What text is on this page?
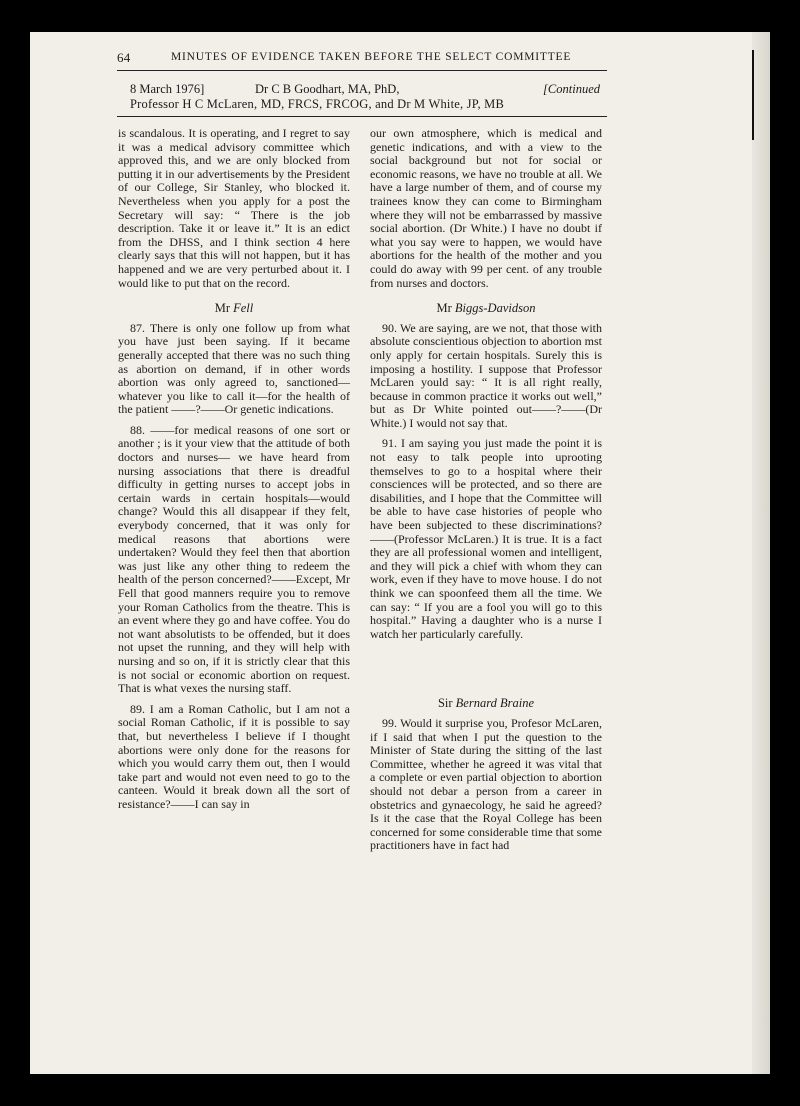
64	MINUTES OF EVIDENCE TAKEN BEFORE THE SELECT COMMITTEE
8 March 1976]	Dr C B Goodhart, MA, PhD,	[Continued
Professor H C McLaren, MD, FRCS, FRCOG, and Dr M White, JP, MB

is scandalous. It is operating, and I regret to say it was a medical advisory committee which approved this, and we are only blocked from putting it in our advertisements by the President of our College, Sir Stanley, who blocked it. Nevertheless when you apply for a post the Secretary will say: “ There is the job description. Take it or leave it.” It is an edict from the DHSS, and I think section 4 here clearly says that this will not happen, but it has happened and we are very perturbed about it. I would like to put that on the record.

Mr Fell

87. There is only one follow up from what you have just been saying. If it became generally accepted that there was no such thing as abortion on demand, if in other words abortion was only agreed to, sanctioned—whatever you like to call it—for the health of the patient ——?——Or genetic indications.

88. ——for medical reasons of one sort or another ; is it your view that the attitude of both doctors and nurses— we have heard from nursing associations that there is dreadful difficulty in getting nurses to accept jobs in certain wards in certain hospitals—would change? Would this all disappear if they felt, everybody concerned, that it was only for medical reasons that abortions were undertaken? Would they feel then that abortion was just like any other thing to redeem the health of the person concerned?——Except, Mr Fell that good manners require you to remove your Roman Catholics from the theatre. This is an event where they go and have coffee. You do not want absolutists to be offended, but it does not upset the running, and they will help with nursing and so on, if it is strictly clear that this is not social or economic abortion on request. That is what vexes the nursing staff.

89. I am a Roman Catholic, but I am not a social Roman Catholic, if it is possible to say that, but nevertheless I believe if I thought abortions were only done for the reasons for which you would carry them out, then I would take part and would not even need to go to the canteen. Would it break down all the sort of resistance?——I can say in

our own atmosphere, which is medical and genetic indications, and with a view to the social background but not for social or economic reasons, we have no trouble at all. We have a large number of them, and of course my trainees know they can come to Birmingham where they will not be embarrassed by massive social abortion. (Dr White.) I have no doubt if what you say were to happen, we would have abortions for the health of the mother and you could do away with 99 per cent. of any trouble from nurses and doctors.

Mr Biggs-Davidson

90. We are saying, are we not, that those with absolute conscientious objection to abortion mst only apply for certain hospitals. Surely this is imposing a hostility. I suppose that Professor McLaren yould say: “ It is all right really, because in common practice it works out well,” but as Dr White pointed out——?——(Dr White.) I would not say that.

91. I am saying you just made the point it is not easy to talk people into uprooting themselves to go to a hospital where their consciences will be protected, and so there are disabilities, and I hope that the Committee will be able to have case histories of people who have been subjected to these discriminations?——(Professor McLaren.) It is true. It is a fact they are all professional women and intelligent, and they will pick a chief with whom they can work, even if they have to move house. I do not think we can spoonfeed them all the time. We can say: “ If you are a fool you will go to this hospital.” Having a daughter who is a nurse I watch her particularly carefully.

Sir Bernard Braine

99. Would it surprise you, Profesor McLaren, if I said that when I put the question to the Minister of State during the sitting of the last Committee, whether he agreed it was vital that a complete or even partial objection to abortion should not debar a person from a career in obstetrics and gynaecology, he said he agreed? Is it the case that the Royal College has been concerned for some considerable time that some practitioners have in fact had
